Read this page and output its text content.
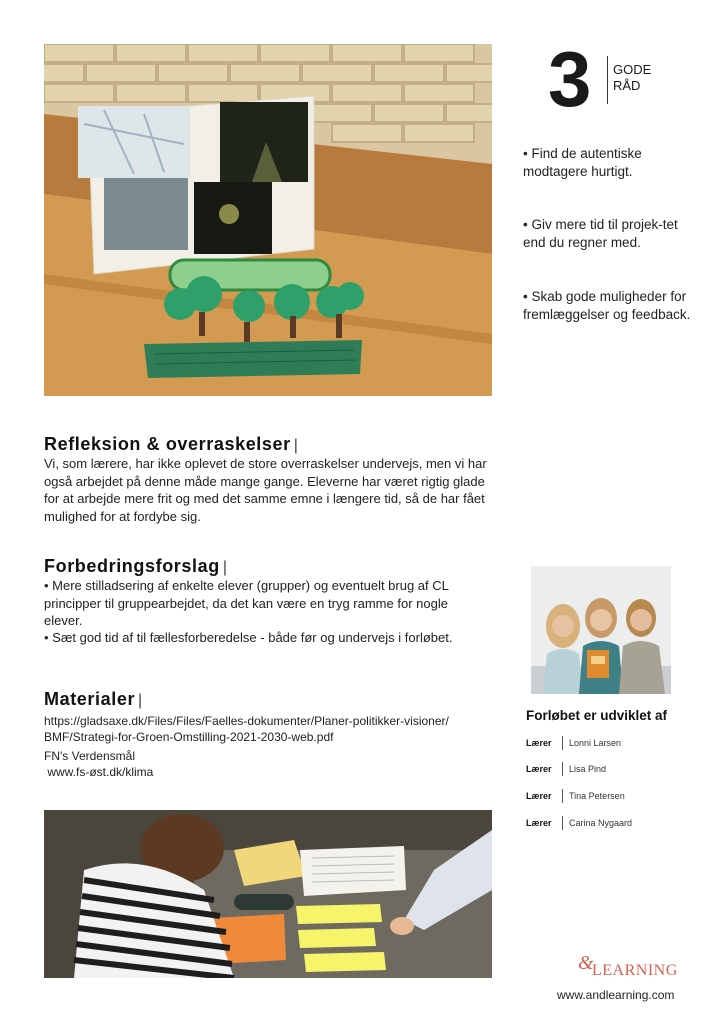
3 GODE
RÅD
• Find de autentiske modtagere hurtigt.
• Giv mere tid til projek-tet end du regner med.
• Skab gode muligheder for fremlæggelser og feedback.
Refleksion & overraskelser |
Vi, som lærere, har ikke oplevet de store overraskelser undervejs, men vi har også arbejdet på denne måde mange gange. Eleverne har været rigtig glade for at arbejde mere frit og med det samme emne i længere tid, så de har fået mulighed for at fordybe sig.
Forbedringsforslag |
• Mere stilladsering af enkelte elever (grupper) og eventuelt brug af CL principper til gruppearbejdet, da det kan være en tryg ramme for nogle elever.
• Sæt god tid af til fællesforberedelse - både før og undervejs i forløbet.
Materialer |
https://gladsaxe.dk/Files/Files/Faelles-dokumenter/Planer-politikker-visioner/
BMF/Strategi-for-Groen-Omstilling-2021-2030-web.pdf
FN's Verdensmål
www.fs-øst.dk/klima
Forløbet er udviklet af
Lærer	Lonni Larsen
Lærer	Lisa Pind
Lærer	Tina Petersen
Lærer	Carina Nygaard
&
LEARNING
www.andlearning.com
